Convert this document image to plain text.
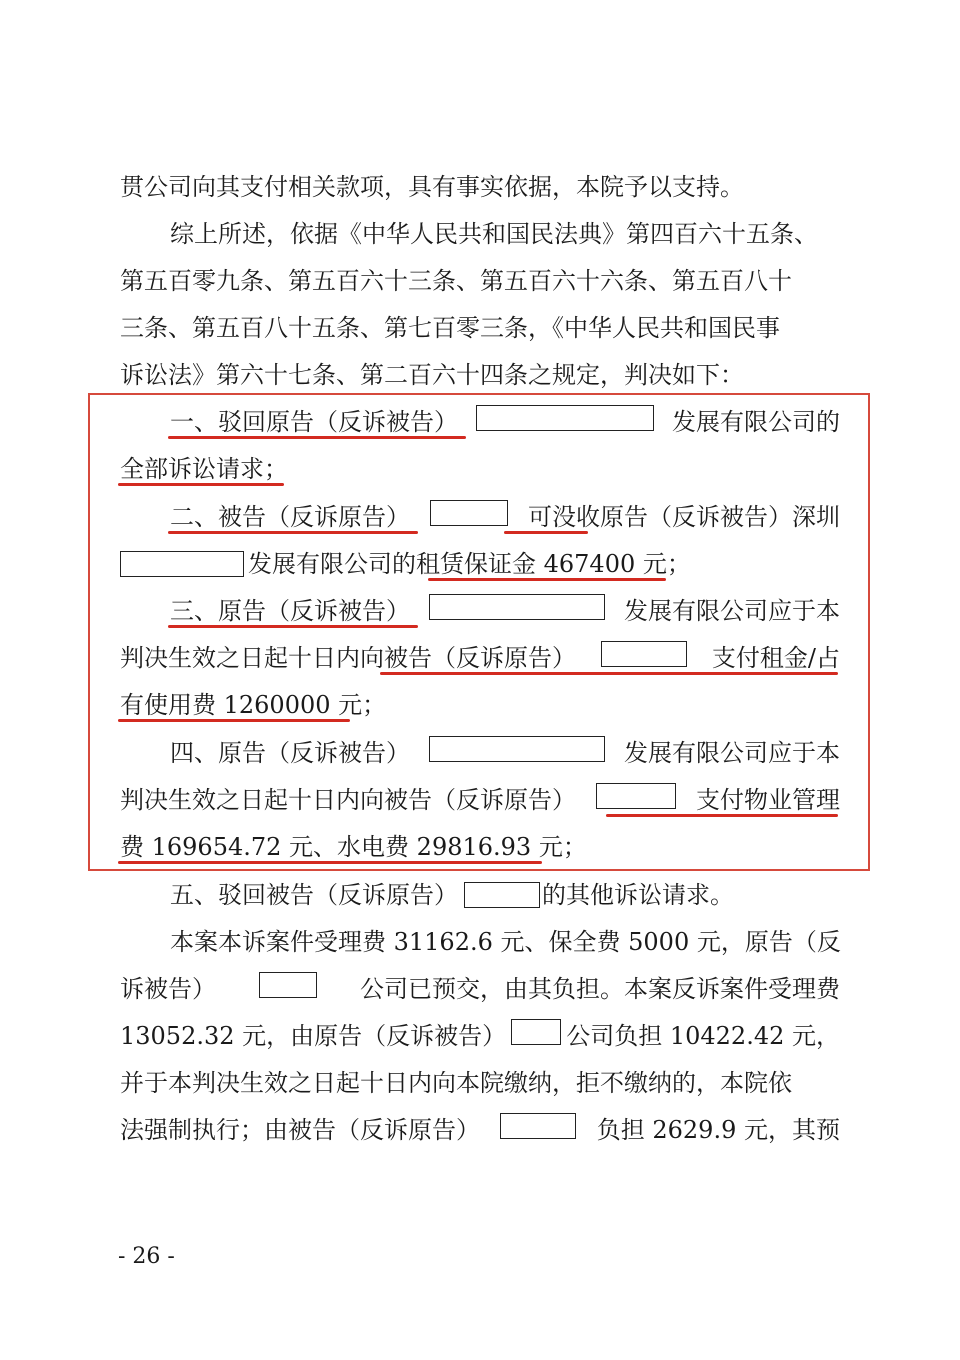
贯公司向其支付相关款项，具有事实依据，本院予以支持。
综上所述，依据《中华人民共和国民法典》第四百六十五条、
第五百零九条、第五百六十三条、第五百六十六条、第五百八十
三条、第五百八十五条、第七百零三条，《中华人民共和国民事
诉讼法》第六十七条、第二百六十四条之规定，判决如下：
一、驳回原告（反诉被告）	发展有限公司的
全部诉讼请求；
二、被告（反诉原告）	可没收原告（反诉被告）深圳
发展有限公司的租赁保证金 467400 元；
三、原告（反诉被告）	发展有限公司应于本
判决生效之日起十日内向被告（反诉原告）	支付租金/占
有使用费 1260000 元；
四、原告（反诉被告）	发展有限公司应于本
判决生效之日起十日内向被告（反诉原告）	支付物业管理
费 169654.72 元、水电费 29816.93 元；
五、驳回被告（反诉原告）	的其他诉讼请求。
本案本诉案件受理费 31162.6 元、保全费 5000 元，原告（反
诉被告）	公司已预交，由其负担。本案反诉案件受理费
13052.32 元，由原告（反诉被告）	公司负担 10422.42 元，
并于本判决生效之日起十日内向本院缴纳，拒不缴纳的，本院依
法强制执行；由被告（反诉原告）	负担 2629.9 元，其预
- 26 -
